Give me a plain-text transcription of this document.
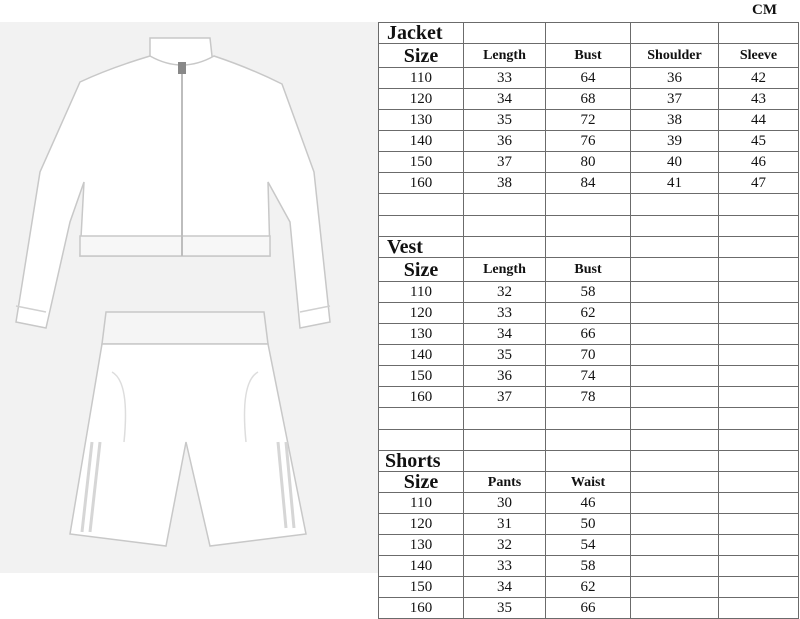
CM
Jacket				
Size	Length	Bust	Shoulder	Sleeve
110	33	64	36	42
120	34	68	37	43
130	35	72	38	44
140	36	76	39	45
150	37	80	40	46
160	38	84	41	47

Vest				
Size	Length	Bust		
110	32	58		
120	33	62		
130	34	66		
140	35	70		
150	36	74		
160	37	78		

Shorts				
Size	Pants	Waist		
110	30	46		
120	31	50		
130	32	54		
140	33	58		
150	34	62		
160	35	66		
